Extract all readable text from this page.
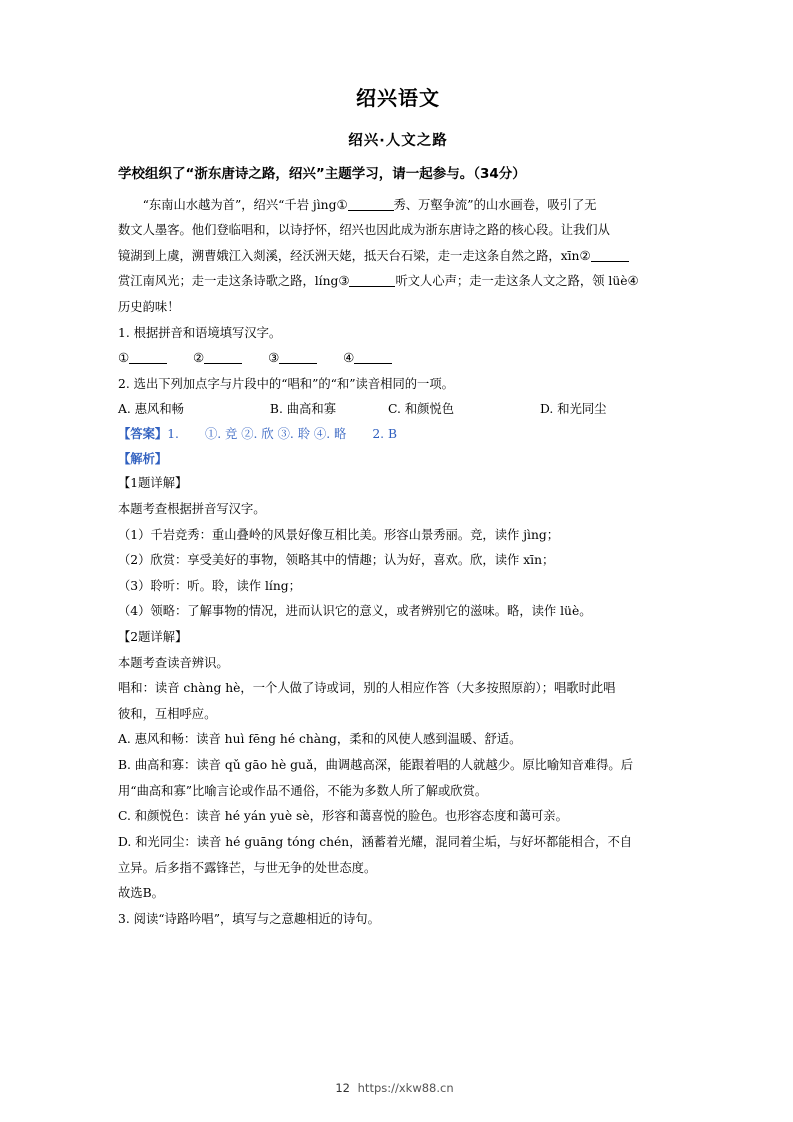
绍兴语文
绍兴·人文之路
学校组织了“浙东唐诗之路，绍兴”主题学习，请一起参与。（34分）

“东南山水越为首”，绍兴“千岩 jìng①	秀、万壑争流”的山水画卷，吸引了无

数文人墨客。他们登临唱和，以诗抒怀，绍兴也因此成为浙东唐诗之路的核心段。让我们从

镜湖到上虞，溯曹娥江入剡溪，经沃洲天姥，抵天台石梁，走一走这条自然之路，xīn②

赏江南风光；走一走这条诗歌之路，líng③	听文人心声；走一走这条人文之路，领 lüè④

历史韵味！

1. 根据拼音和语境填写汉字。

①	②	③	④

2. 选出下列加点字与片段中的“唱和”的“和”读音相同的一项。

A. 惠风和畅	B. 曲高和寡	C. 和颜悦色	D. 和光同尘

【答案】1. ①. 竞 ②. 欣 ③. 聆 ④. 略 2. B

【解析】

【1题详解】

本题考查根据拼音写汉字。

（1）千岩竞秀：重山叠岭的风景好像互相比美。形容山景秀丽。竞，读作 jìng；

（2）欣赏：享受美好的事物，领略其中的情趣；认为好，喜欢。欣，读作 xīn；

（3）聆听：听。聆，读作 líng；

（4）领略：了解事物的情况，进而认识它的意义，或者辨别它的滋味。略，读作 lüè。

【2题详解】

本题考查读音辨识。

唱和：读音 chàng hè，一个人做了诗或词，别的人相应作答（大多按照原韵）；唱歌时此唱

彼和，互相呼应。

A. 惠风和畅：读音 huì fēng hé chàng，柔和的风使人感到温暖、舒适。

B. 曲高和寡：读音 qǔ gāo hè guǎ，曲调越高深，能跟着唱的人就越少。原比喻知音难得。后

用“曲高和寡”比喻言论或作品不通俗，不能为多数人所了解或欣赏。

C. 和颜悦色：读音 hé yán yuè sè，形容和蔼喜悦的脸色。也形容态度和蔼可亲。

D. 和光同尘：读音 hé guāng tóng chén，涵蓄着光耀，混同着尘垢，与好坏都能相合，不自

立异。后多指不露锋芒，与世无争的处世态度。

故选B。

3. 阅读“诗路吟唱”，填写与之意趣相近的诗句。

12 https://xkw88.cn
